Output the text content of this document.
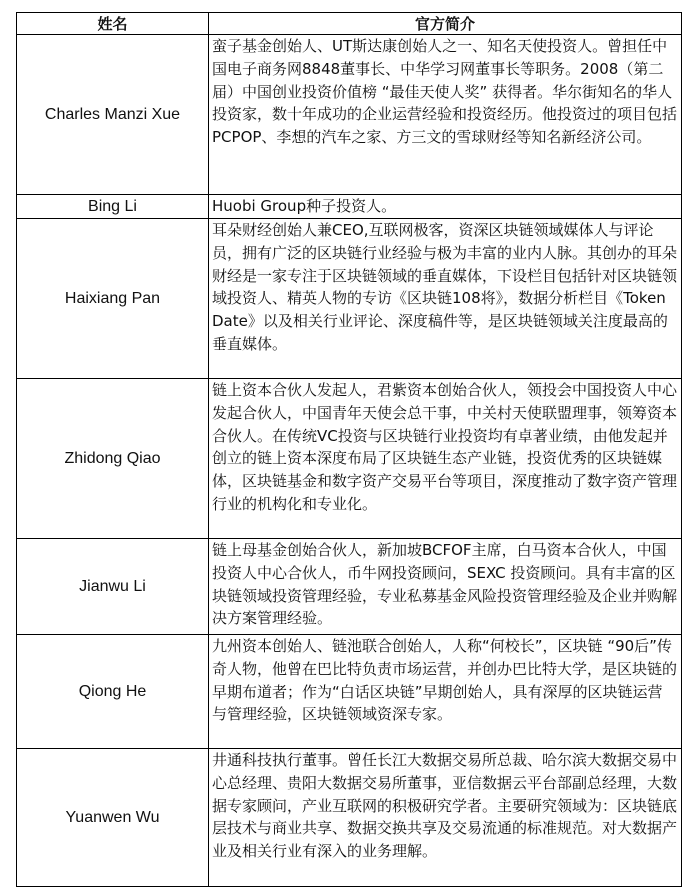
姓名	官方简介
Charles Manzi Xue	蛮子基金创始人、UT斯达康创始人之一、知名天使投资人。曾担任中国电子商务网8848董事长、中华学习网董事长等职务。2008（第二届）中国创业投资价值榜 “最佳天使人奖” 获得者。华尔街知名的华人投资家，数十年成功的企业运营经验和投资经历。他投资过的项目包括PCPOP、李想的汽车之家、方三文的雪球财经等知名新经济公司。
Bing Li	Huobi Group种子投资人。
Haixiang Pan	耳朵财经创始人兼CEO,互联网极客，资深区块链领域媒体人与评论员，拥有广泛的区块链行业经验与极为丰富的业内人脉。其创办的耳朵财经是一家专注于区块链领域的垂直媒体，下设栏目包括针对区块链领域投资人、精英人物的专访《区块链108将》，数据分析栏目《TokenDate》以及相关行业评论、深度稿件等，是区块链领域关注度最高的垂直媒体。
Zhidong Qiao	链上资本合伙人发起人，君紫资本创始合伙人，领投会中国投资人中心发起合伙人，中国青年天使会总干事，中关村天使联盟理事，领筹资本合伙人。在传统VC投资与区块链行业投资均有卓著业绩，由他发起并创立的链上资本深度布局了区块链生态产业链，投资优秀的区块链媒体，区块链基金和数字资产交易平台等项目，深度推动了数字资产管理行业的机构化和专业化。
Jianwu Li	链上母基金创始合伙人，新加坡BCFOF主席，白马资本合伙人，中国投资人中心合伙人，币牛网投资顾问，SEXC 投资顾问。具有丰富的区块链领域投资管理经验，专业私募基金风险投资管理经验及企业并购解决方案管理经验。
Qiong He	九州资本创始人、链池联合创始人，人称“何校长”，区块链 “90后”传奇人物，他曾在巴比特负责市场运营，并创办巴比特大学，是区块链的早期布道者；作为“白话区块链”早期创始人，具有深厚的区块链运营与管理经验，区块链领域资深专家。
Yuanwen Wu	井通科技执行董事。曾任长江大数据交易所总裁、哈尔滨大数据交易中心总经理、贵阳大数据交易所董事，亚信数据云平台部副总经理，大数据专家顾问，产业互联网的积极研究学者。主要研究领域为：区块链底层技术与商业共享、数据交换共享及交易流通的标准规范。对大数据产业及相关行业有深入的业务理解。
